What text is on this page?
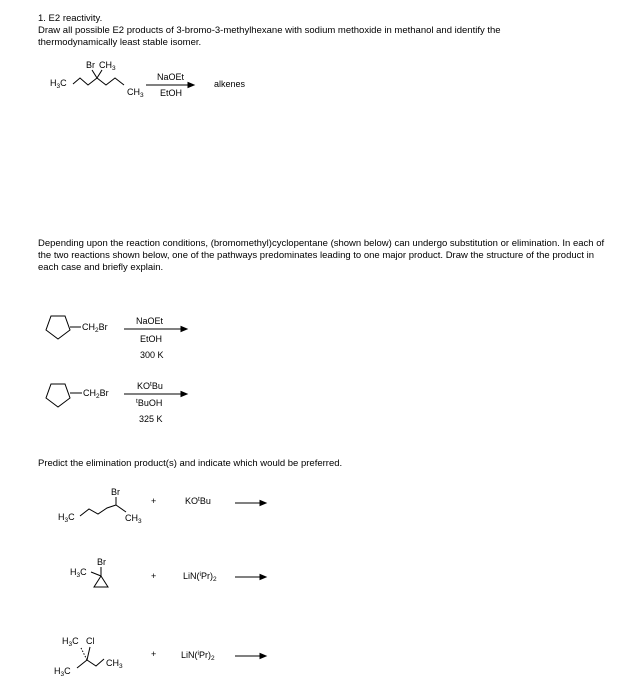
1. E2 reactivity.
Draw all possible E2 products of 3-bromo-3-methylhexane with sodium methoxide in methanol and identify the thermodynamically least stable isomer.
$H_3C$
Br $CH_3$
$CH_3$
NaOEt
EtOH
alkenes
Depending upon the reaction conditions, (bromomethyl)cyclopentane (shown below) can undergo substitution or elimination. In each of the two reactions shown below, one of the pathways predominates leading to one major product. Draw the structure of the product in each case and briefly explain.
$CH_2Br$
NaOEt
EtOH
300 K
$CH_2Br$
$KO^tBu$
$^t$BuOH
325 K
Predict the elimination product(s) and indicate which would be preferred.
$H_3C$
Br
$CH_3$
+	$KO^tBu$
$H_3C$
Br
+	$LiN(^iPr)_2$
$H_3C$ Cl
$H_3C$
$CH_3$
+	$LiN(^iPr)_2$
